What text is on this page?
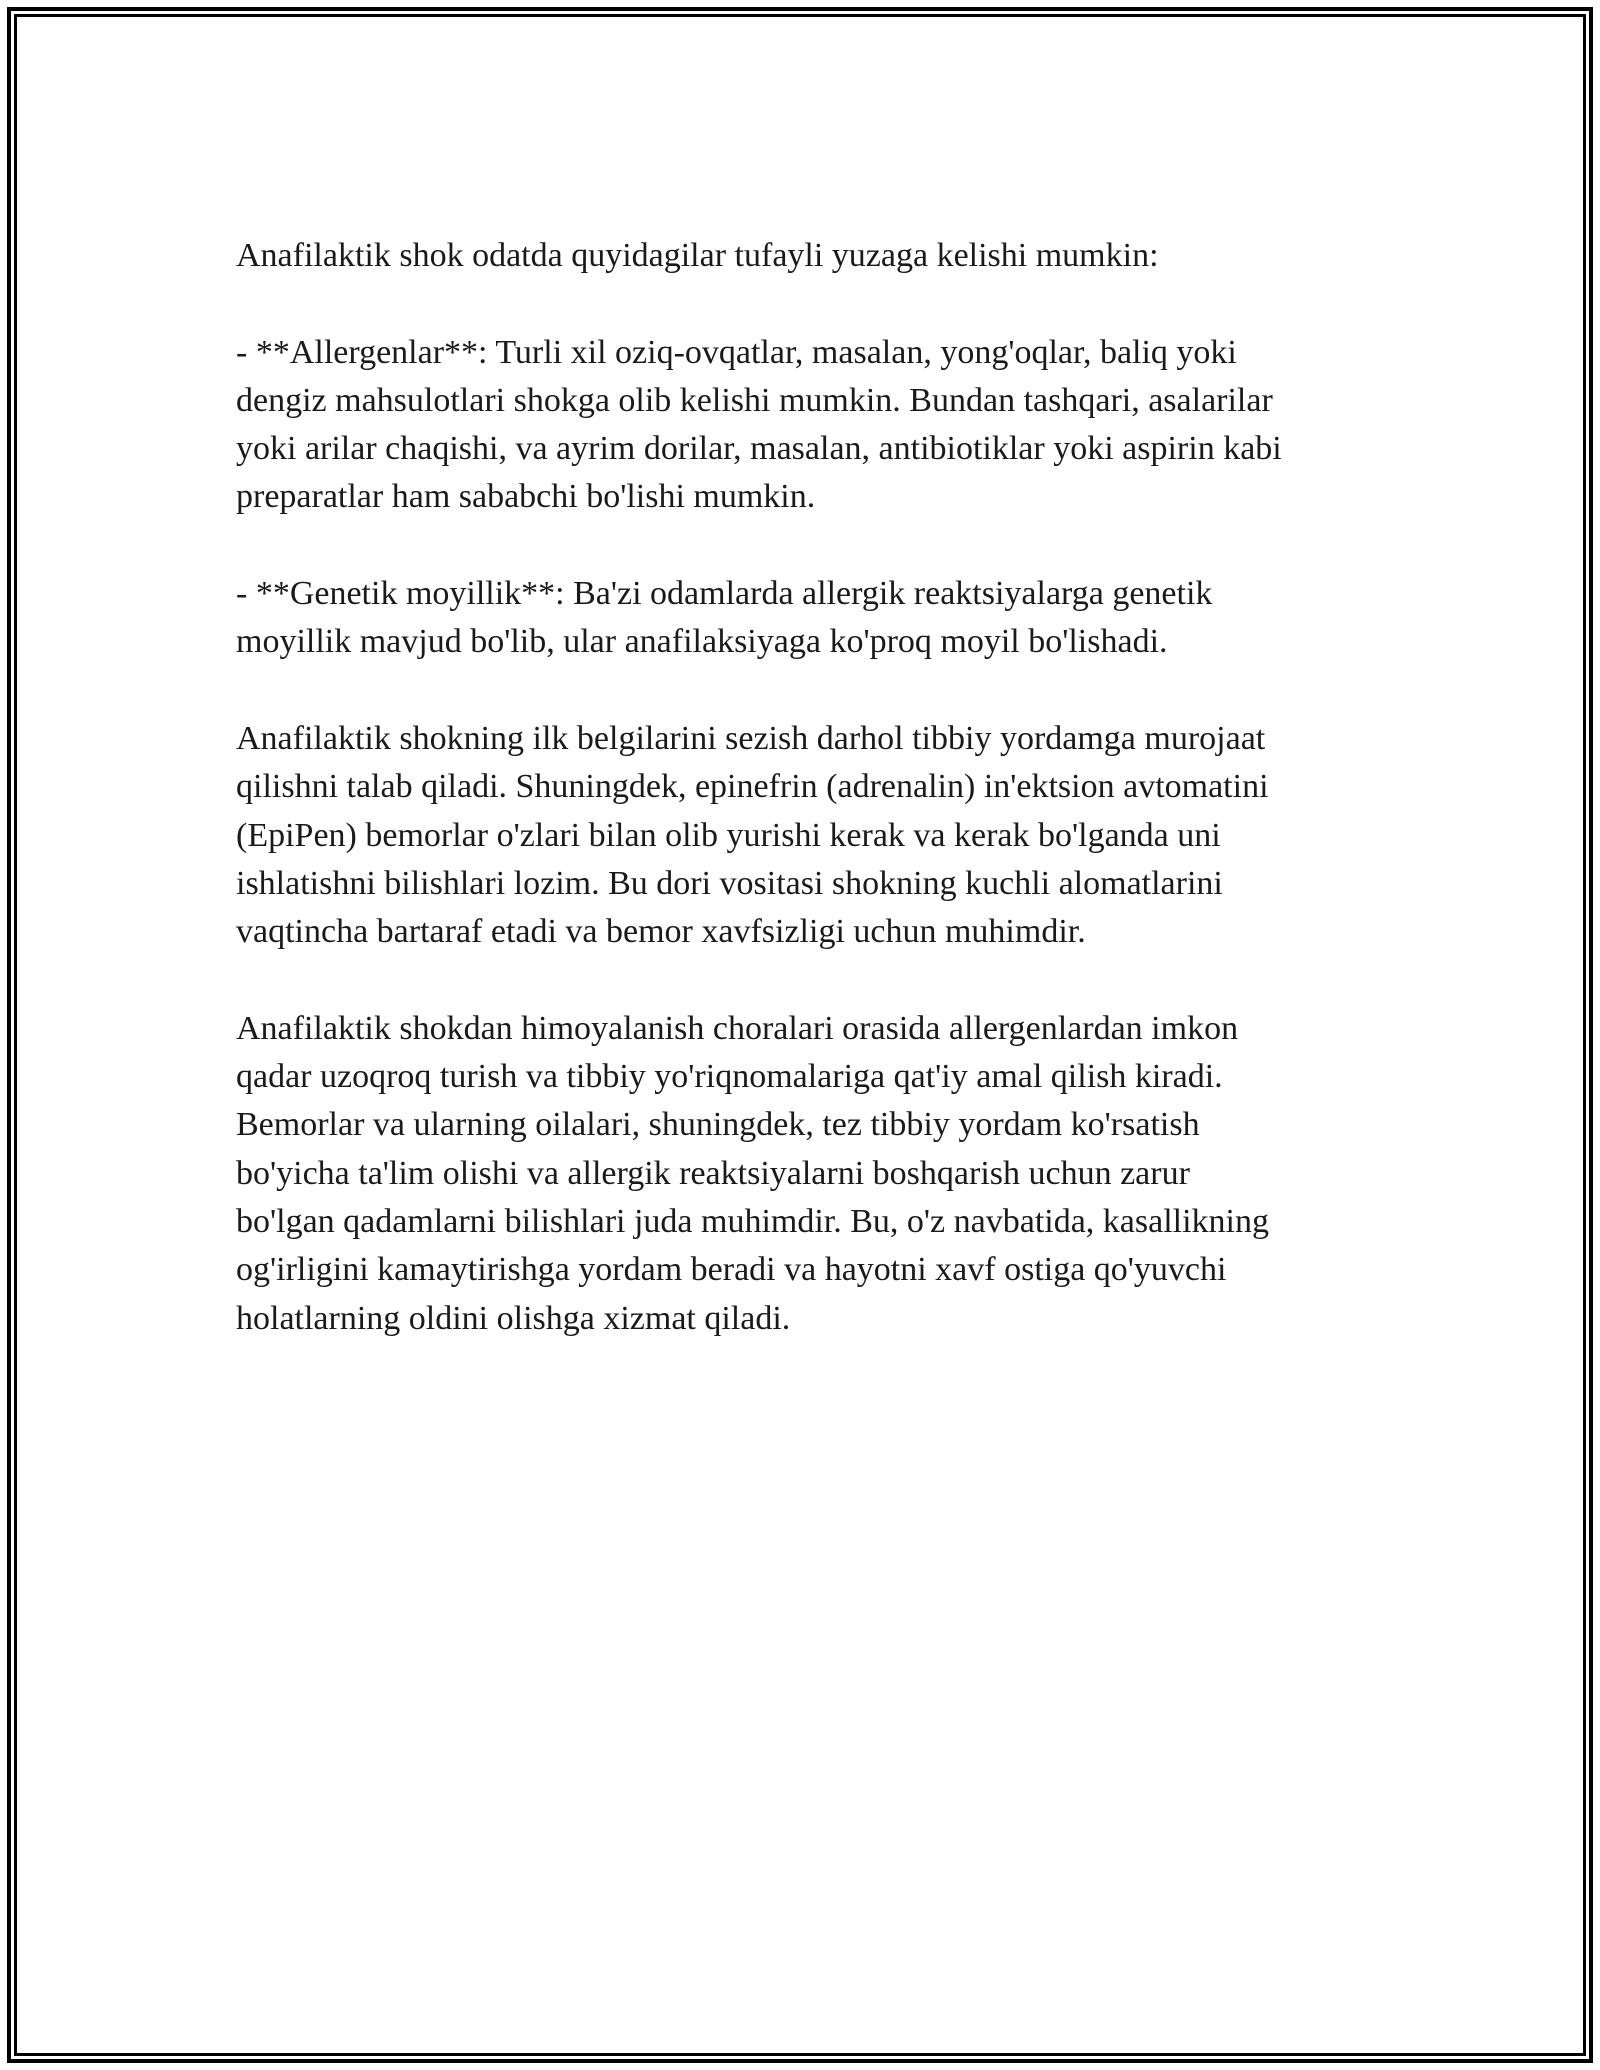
Anafilaktik shok odatda quyidagilar tufayli yuzaga kelishi mumkin:

- **Allergenlar**: Turli xil oziq-ovqatlar, masalan, yong'oqlar, baliq yoki
dengiz mahsulotlari shokga olib kelishi mumkin. Bundan tashqari, asalarilar
yoki arilar chaqishi, va ayrim dorilar, masalan, antibiotiklar yoki aspirin kabi
preparatlar ham sababchi bo'lishi mumkin.

- **Genetik moyillik**: Ba'zi odamlarda allergik reaktsiyalarga genetik
moyillik mavjud bo'lib, ular anafilaksiyaga ko'proq moyil bo'lishadi.

Anafilaktik shokning ilk belgilarini sezish darhol tibbiy yordamga murojaat
qilishni talab qiladi. Shuningdek, epinefrin (adrenalin) in'ektsion avtomatini
(EpiPen) bemorlar o'zlari bilan olib yurishi kerak va kerak bo'lganda uni
ishlatishni bilishlari lozim. Bu dori vositasi shokning kuchli alomatlarini
vaqtincha bartaraf etadi va bemor xavfsizligi uchun muhimdir.

Anafilaktik shokdan himoyalanish choralari orasida allergenlardan imkon
qadar uzoqroq turish va tibbiy yo'riqnomalariga qat'iy amal qilish kiradi.
Bemorlar va ularning oilalari, shuningdek, tez tibbiy yordam ko'rsatish
bo'yicha ta'lim olishi va allergik reaktsiyalarni boshqarish uchun zarur
bo'lgan qadamlarni bilishlari juda muhimdir. Bu, o'z navbatida, kasallikning
og'irligini kamaytirishga yordam beradi va hayotni xavf ostiga qo'yuvchi
holatlarning oldini olishga xizmat qiladi.
